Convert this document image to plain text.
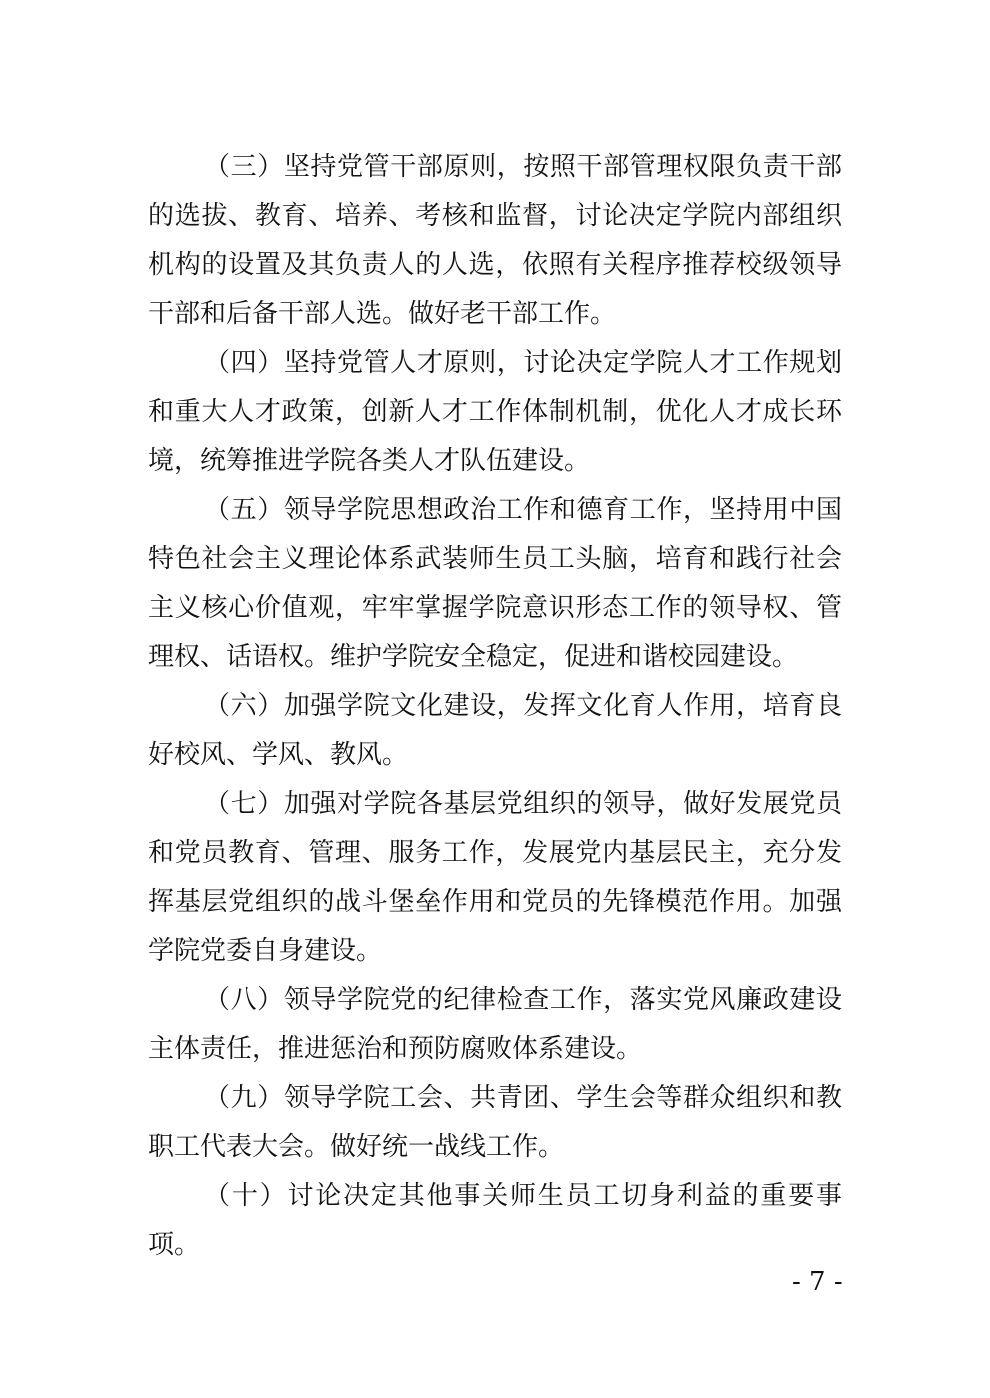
（三）坚持党管干部原则，按照干部管理权限负责干部
的选拔、教育、培养、考核和监督，讨论决定学院内部组织
机构的设置及其负责人的人选，依照有关程序推荐校级领导
干部和后备干部人选。做好老干部工作。
（四）坚持党管人才原则，讨论决定学院人才工作规划
和重大人才政策，创新人才工作体制机制，优化人才成长环
境，统筹推进学院各类人才队伍建设。
（五）领导学院思想政治工作和德育工作，坚持用中国
特色社会主义理论体系武装师生员工头脑，培育和践行社会
主义核心价值观，牢牢掌握学院意识形态工作的领导权、管
理权、话语权。维护学院安全稳定，促进和谐校园建设。
（六）加强学院文化建设，发挥文化育人作用，培育良
好校风、学风、教风。
（七）加强对学院各基层党组织的领导，做好发展党员
和党员教育、管理、服务工作，发展党内基层民主，充分发
挥基层党组织的战斗堡垒作用和党员的先锋模范作用。加强
学院党委自身建设。
（八）领导学院党的纪律检查工作，落实党风廉政建设
主体责任，推进惩治和预防腐败体系建设。
（九）领导学院工会、共青团、学生会等群众组织和教
职工代表大会。做好统一战线工作。
（十）讨论决定其他事关师生员工切身利益的重要事
项。
- 7 -
